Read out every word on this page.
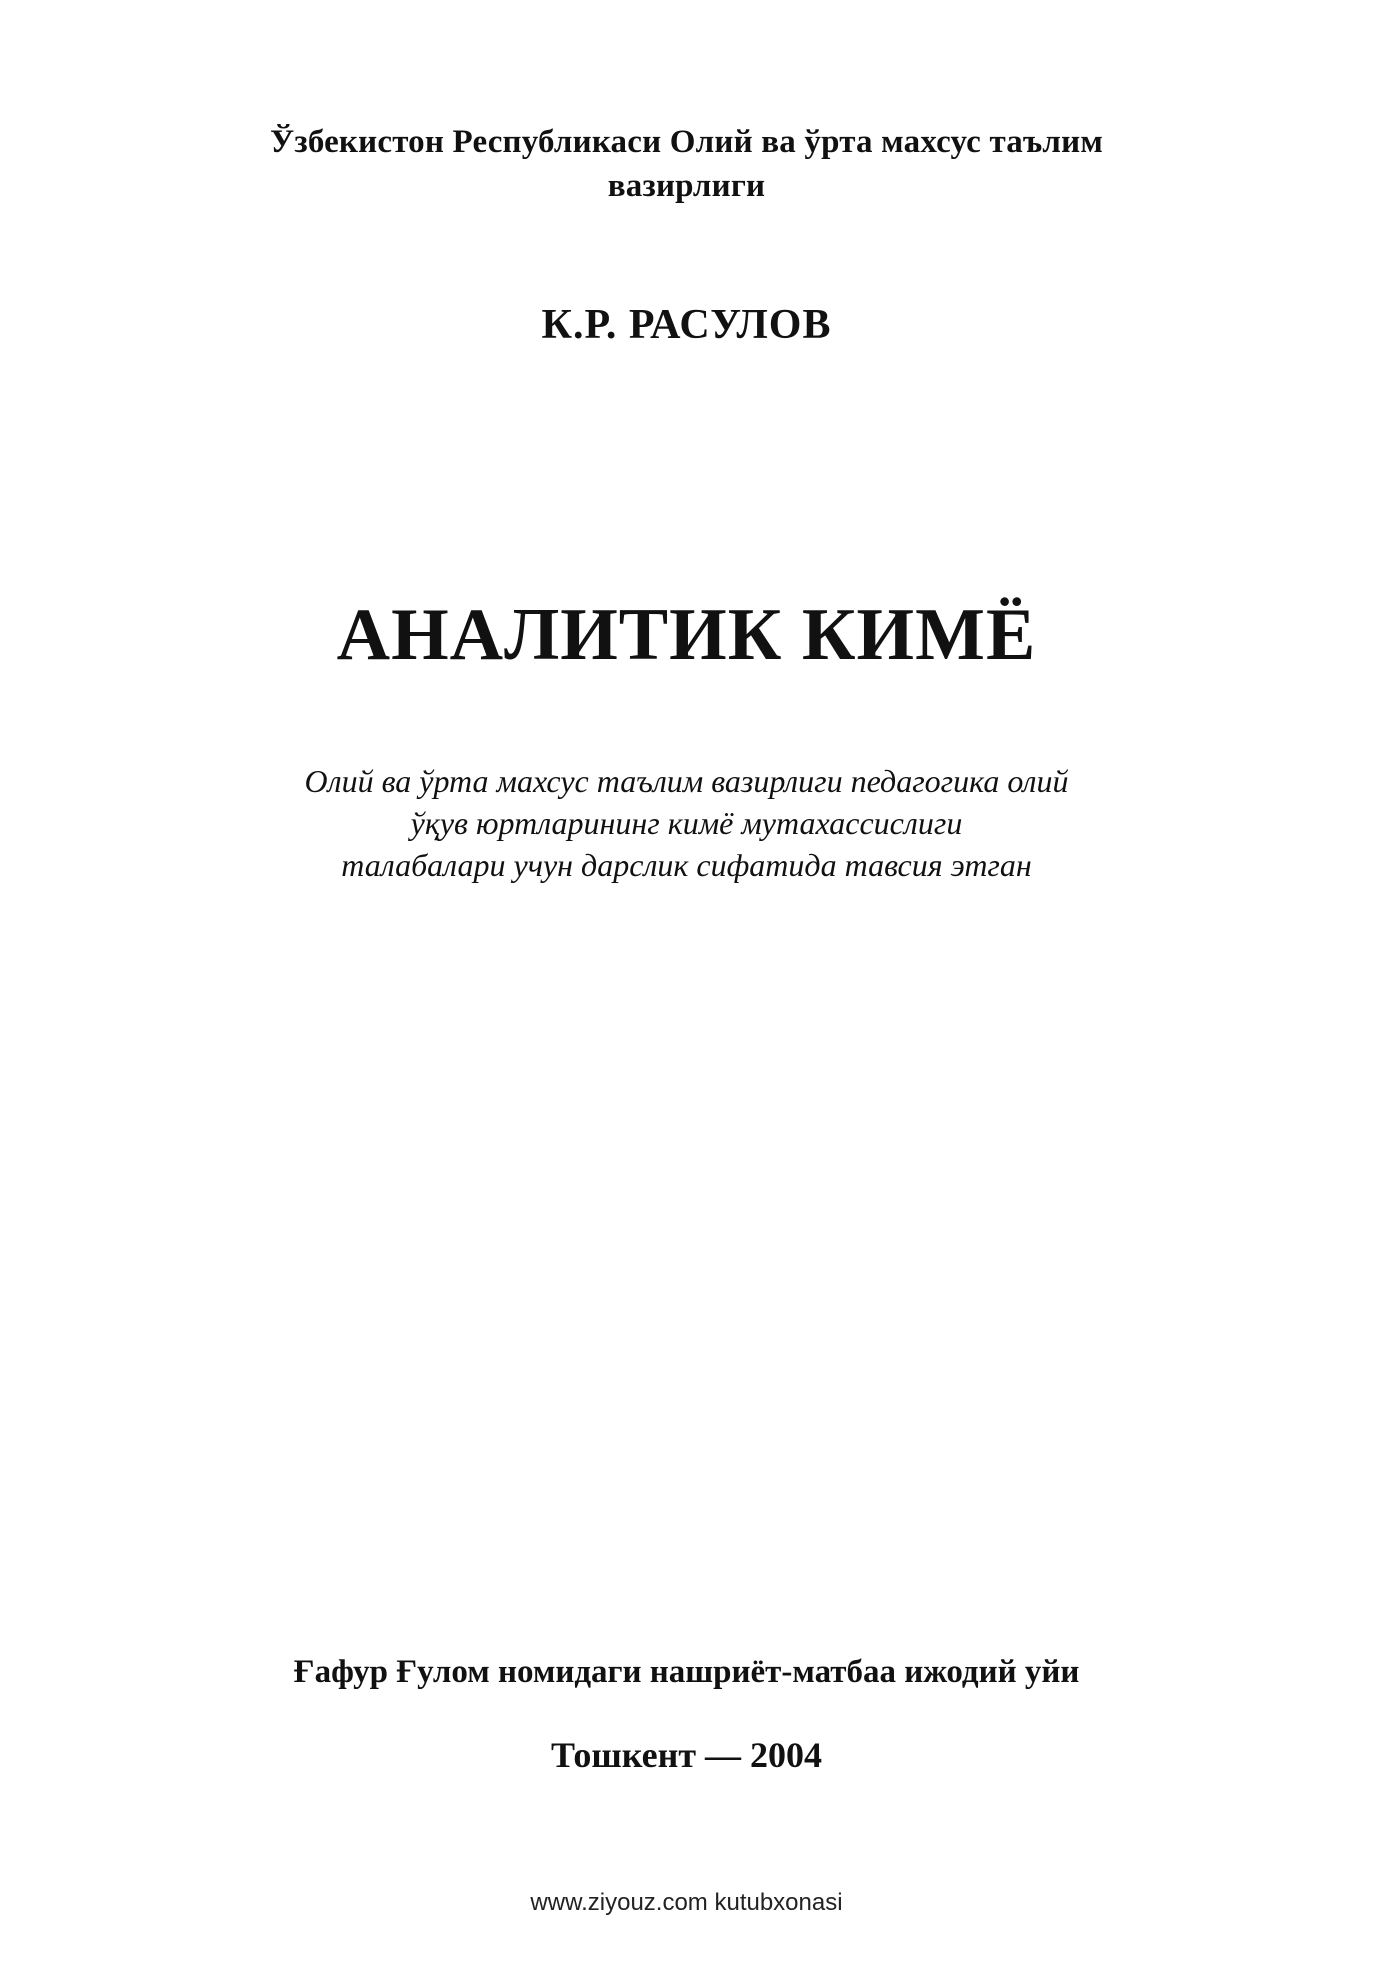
Ўзбекистон Республикаси Олий ва ўрта махсус таълим
вазирлиги
К.Р. РАСУЛОВ
АНАЛИТИК КИМЁ
Олий ва ўрта махсус таълим вазирлиги педагогика олий
ўқув юртларининг кимё мутахассислиги
талабалари учун дарслик сифатида тавсия этган
Ғафур Ғулом номидаги нашриёт-матбаа ижодий уйи
Тошкент — 2004
www.ziyouz.com kutubxonasi
